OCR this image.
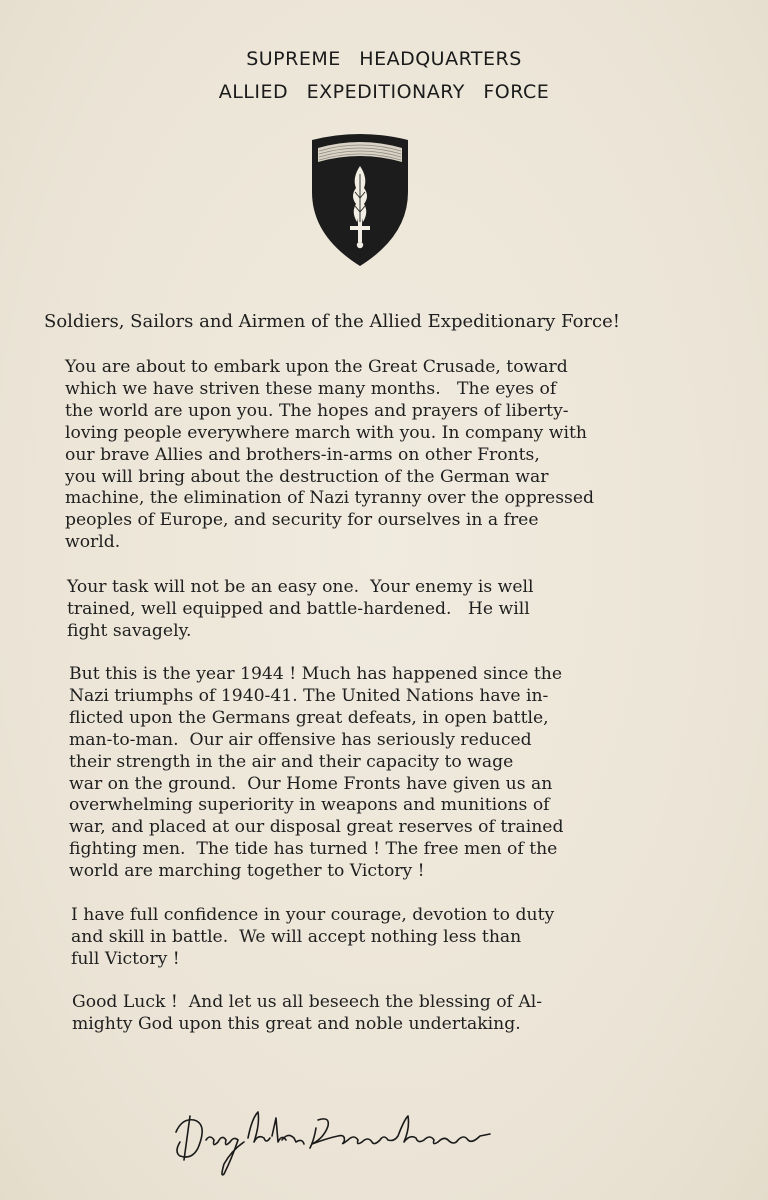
SUPREME HEADQUARTERS
ALLIED EXPEDITIONARY FORCE
Soldiers, Sailors and Airmen of the Allied Expeditionary Force!
You are about to embark upon the Great Crusade, toward
which we have striven these many months.   The eyes of
the world are upon you. The hopes and prayers of liberty-
loving people everywhere march with you. In company with
our brave Allies and brothers-in-arms on other Fronts,
you will bring about the destruction of the German war
machine, the elimination of Nazi tyranny over the oppressed
peoples of Europe, and security for ourselves in a free
world.
Your task will not be an easy one.  Your enemy is well
trained, well equipped and battle-hardened.   He will
fight savagely.
But this is the year 1944 ! Much has happened since the
Nazi triumphs of 1940-41. The United Nations have in-
flicted upon the Germans great defeats, in open battle,
man-to-man.  Our air offensive has seriously reduced
their strength in the air and their capacity to wage
war on the ground.  Our Home Fronts have given us an
overwhelming superiority in weapons and munitions of
war, and placed at our disposal great reserves of trained
fighting men.  The tide has turned ! The free men of the
world are marching together to Victory !
I have full confidence in your courage, devotion to duty
and skill in battle.  We will accept nothing less than
full Victory !
Good Luck !  And let us all beseech the blessing of Al-
mighty God upon this great and noble undertaking.
